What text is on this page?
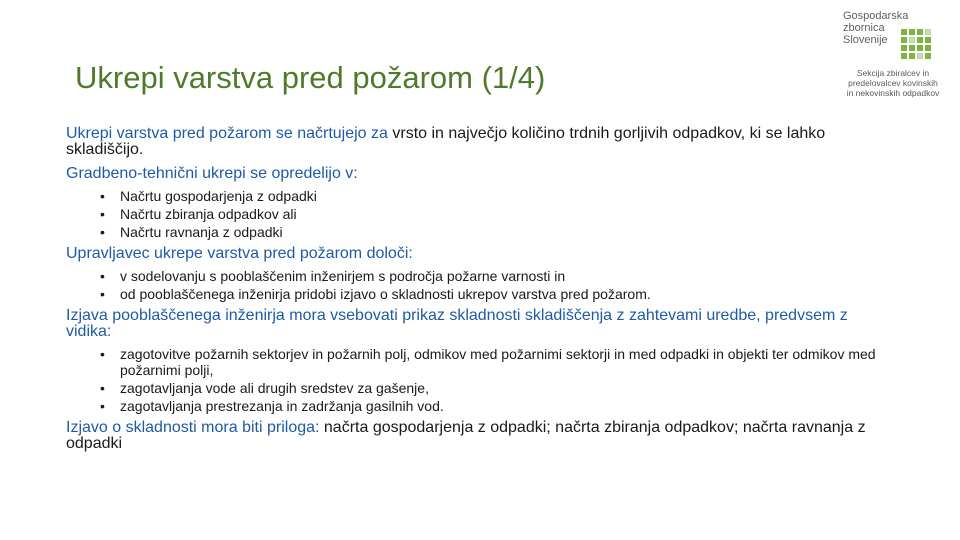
Ukrepi varstva pred požarom (1/4)
Gospodarska
zbornica
Slovenije
Sekcija zbiralcev in
predelovalcev kovinskih
in nekovinskih odpadkov

Ukrepi varstva pred požarom se načrtujejo za vrsto in največjo količino trdnih gorljivih odpadkov, ki se lahko skladiščijo.

Gradbeno-tehnični ukrepi se opredelijo v:

• Načrtu gospodarjenja z odpadki
• Načrtu zbiranja odpadkov ali
• Načrtu ravnanja z odpadki

Upravljavec ukrepe varstva pred požarom določi:

• v sodelovanju s pooblaščenim inženirjem s področja požarne varnosti in
• od pooblaščenega inženirja pridobi izjavo o skladnosti ukrepov varstva pred požarom.

Izjava pooblaščenega inženirja mora vsebovati prikaz skladnosti skladiščenja z zahtevami uredbe, predvsem z vidika:

• zagotovitve požarnih sektorjev in požarnih polj, odmikov med požarnimi sektorji in med odpadki in objekti ter odmikov med požarnimi polji,
• zagotavljanja vode ali drugih sredstev za gašenje,
• zagotavljanja prestrezanja in zadržanja gasilnih vod.

Izjavo o skladnosti mora biti priloga: načrta gospodarjenja z odpadki; načrta zbiranja odpadkov; načrta ravnanja z odpadki
